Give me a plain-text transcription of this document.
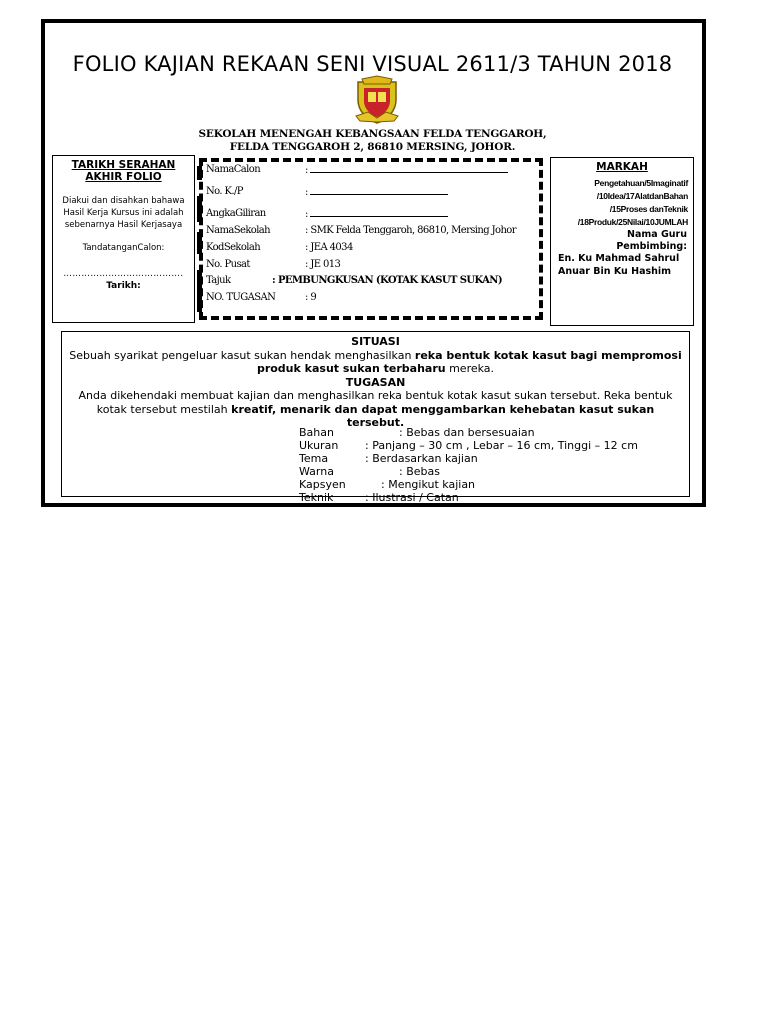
FOLIO KAJIAN REKAAN SENI VISUAL 2611/3 TAHUN 2018
SEKOLAH MENENGAH KEBANGSAAN FELDA TENGGAROH,
FELDA TENGGAROH 2, 86810 MERSING, JOHOR.
TARIKH SERAHAN
AKHIR FOLIO
Diakui dan disahkan bahawa
Hasil Kerja Kursus ini adalah
sebenarnya Hasil Kerjasaya
TandatanganCalon:
………………………………….
Tarikh:
NamaCalon	:
No. K./P	:
AngkaGiliran	:
NamaSekolah	: SMK Felda Tenggaroh, 86810, Mersing Johor
KodSekolah	: JEA 4034
No. Pusat	: JE 013
Tajuk	: PEMBUNGKUSAN (KOTAK KASUT SUKAN)
NO. TUGASAN	: 9
MARKAH
Pengetahuan/5Imaginatif
/10Idea/17AlatdanBahan
/15Proses danTeknik
/18Produk/25Nilai/10JUMLAH
Nama Guru
Pembimbing:
En. Ku Mahmad Sahrul
Anuar Bin Ku Hashim
SITUASI
Sebuah syarikat pengeluar kasut sukan hendak menghasilkan reka bentuk kotak kasut bagi mempromosi
produk kasut sukan terbaharu mereka.
TUGASAN
Anda dikehendaki membuat kajian dan menghasilkan reka bentuk kotak kasut sukan tersebut. Reka bentuk
kotak tersebut mestilah kreatif, menarik dan dapat menggambarkan kehebatan kasut sukan
tersebut.
Bahan	: Bebas dan bersesuaian
Ukuran : Panjang – 30 cm , Lebar – 16 cm, Tinggi – 12 cm
Tema	: Berdasarkan kajian
Warna	: Bebas
Kapsyen	: Mengikut kajian
Teknik	: Ilustrasi / Catan
